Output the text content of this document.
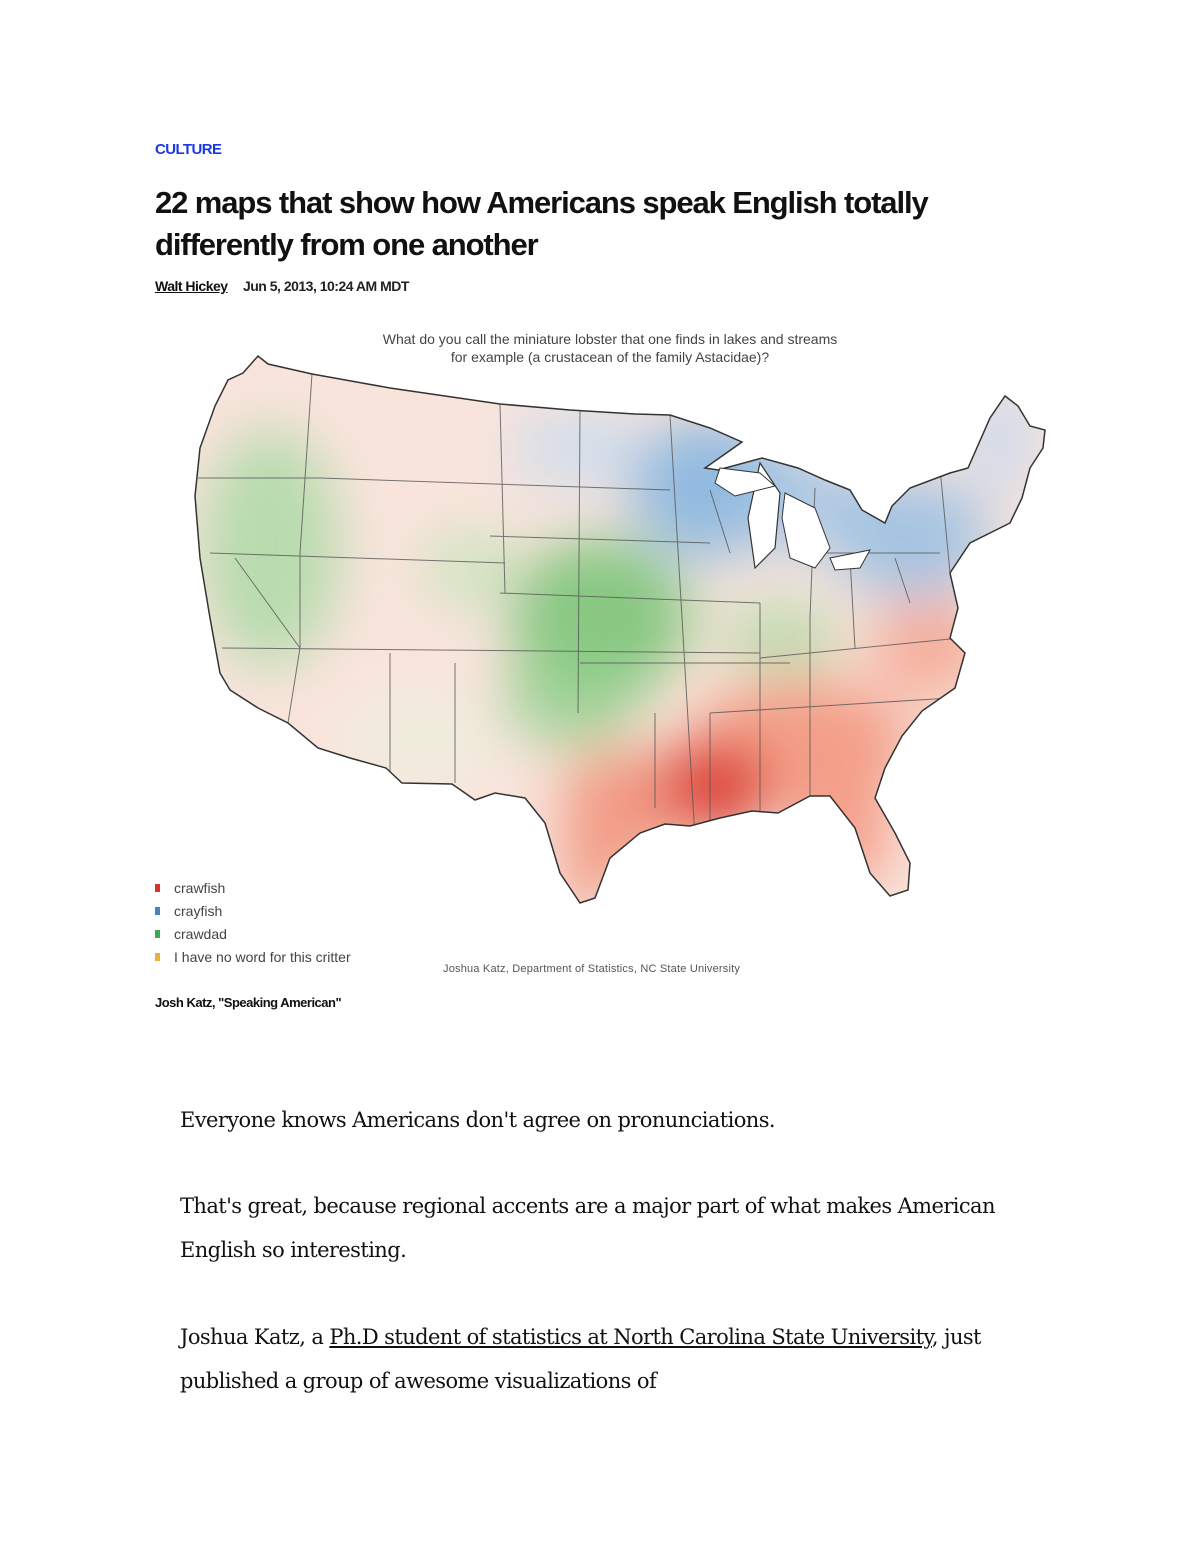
CULTURE
22 maps that show how Americans speak English totally differently from one another
Walt Hickey Jun 5, 2013, 10:24 AM MDT
What do you call the miniature lobster that one finds in lakes and streams for example (a crustacean of the family Astacidae)?
crawfish
crayfish
crawdad
I have no word for this critter
Joshua Katz, Department of Statistics, NC State University
Josh Katz, "Speaking American"

Everyone knows Americans don't agree on pronunciations.

That's great, because regional accents are a major part of what makes American English so interesting.

Joshua Katz, a Ph.D student of statistics at North Carolina State University, just published a group of awesome visualizations of
